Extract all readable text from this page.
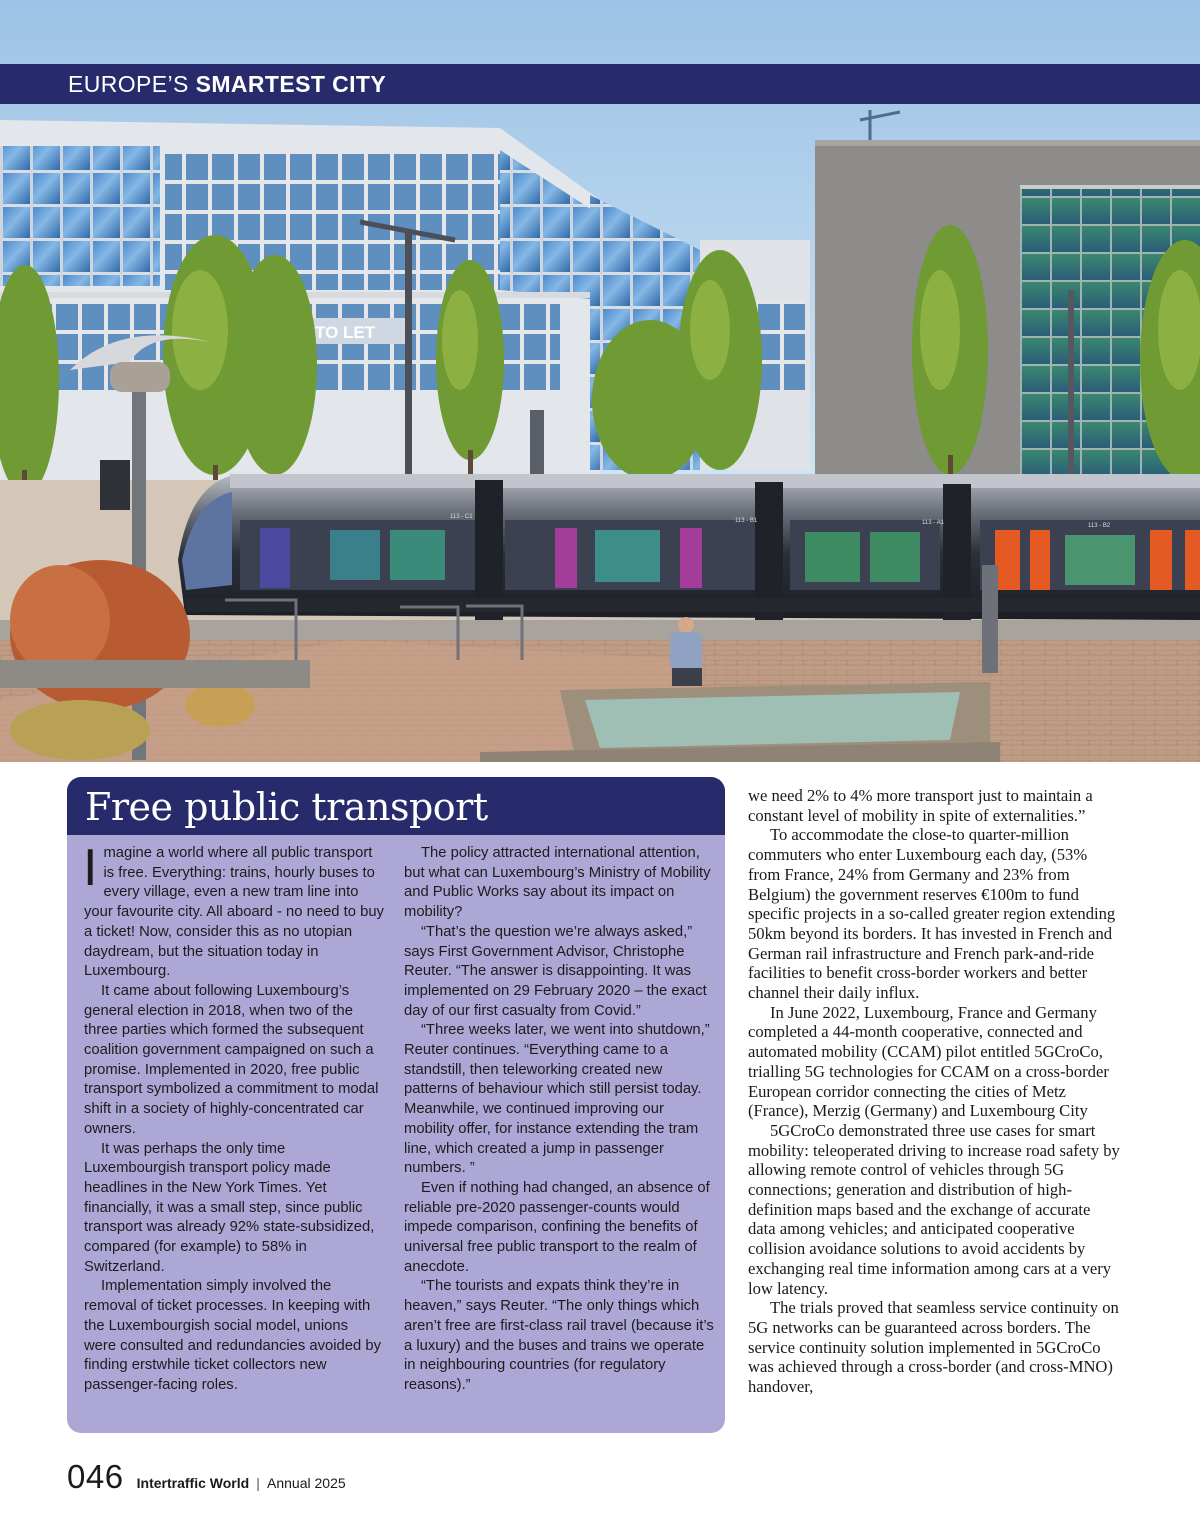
TO LET
113 - C1
113 - B1	113 - A1	113 - B2
EUROPE’S SMARTEST CITY
Free public transport

Imagine a world where all public transport is free. Everything: trains, hourly buses to every village, even a new tram line into your favourite city. All aboard - no need to buy a ticket! Now, consider this as no utopian daydream, but the situation today in Luxembourg.

It came about following Luxembourg’s general election in 2018, when two of the three parties which formed the subsequent coalition government campaigned on such a promise. Implemented in 2020, free public transport symbolized a commitment to modal shift in a society of highly-concentrated car owners.

It was perhaps the only time Luxembourgish transport policy made headlines in the New York Times. Yet financially, it was a small step, since public transport was already 92% state-subsidized, compared (for example) to 58% in Switzerland.

Implementation simply involved the removal of ticket processes. In keeping with the Luxembourgish social model, unions were consulted and redundancies avoided by finding erstwhile ticket collectors new passenger-facing roles.

The policy attracted international attention, but what can Luxembourg’s Ministry of Mobility and Public Works say about its impact on mobility?

“That’s the question we’re always asked,” says First Government Advisor, Christophe Reuter. “The answer is disappointing. It was implemented on 29 February 2020 – the exact day of our first casualty from Covid.”

“Three weeks later, we went into shutdown,” Reuter continues. “Everything came to a standstill, then teleworking created new patterns of behaviour which still persist today. Meanwhile, we continued improving our mobility offer, for instance extending the tram line, which created a jump in passenger numbers. ”

Even if nothing had changed, an absence of reliable pre-2020 passenger-counts would impede comparison, confining the benefits of universal free public transport to the realm of anecdote.

“The tourists and expats think they’re in heaven,” says Reuter. “The only things which aren’t free are first-class rail travel (because it’s a luxury) and the buses and trains we operate in neighbouring countries (for regulatory reasons).”

we need 2% to 4% more transport just to maintain a constant level of mobility in spite of externalities.”

To accommodate the close-to quarter-million commuters who enter Luxembourg each day, (53% from France, 24% from Germany and 23% from Belgium) the government reserves €100m to fund specific projects in a so-called greater region extending 50km beyond its borders. It has invested in French and German rail infrastructure and French park-and-ride facilities to benefit cross-border workers and better channel their daily influx.

In June 2022, Luxembourg, France and Germany completed a 44-month cooperative, connected and automated mobility (CCAM) pilot entitled 5GCroCo, trialling 5G technologies for CCAM on a cross-border European corridor connecting the cities of Metz (France), Merzig (Germany) and Luxembourg City

5GCroCo demonstrated three use cases for smart mobility: teleoperated driving to increase road safety by allowing remote control of vehicles through 5G connections; generation and distribution of high-definition maps based and the exchange of accurate data among vehicles; and anticipated cooperative collision avoidance solutions to avoid accidents by exchanging real time information among cars at a very low latency.

The trials proved that seamless service continuity on 5G networks can be guaranteed across borders. The service continuity solution implemented in 5GCroCo was achieved through a cross-border (and cross-MNO) handover,

046 Intertraffic World | Annual 2025
